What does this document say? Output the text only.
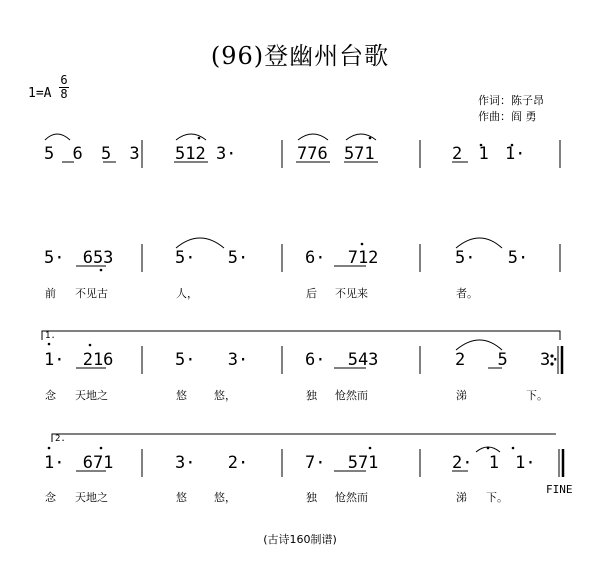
(96)登幽州台歌
1=A
6
8	作词：陈子昂
作曲：阎 勇
1.
2.
5 6 5 3 512 3·	776 571	2 1 1·
5· 653	5· 5·	6· 712	5· 5·
1· 216	5· 3·	6· 543	2 5 3·
1· 671	3· 2·	7· 571	2· 1 1·
前 不见古	人，	后 不见来	者。
念 天地之	悠 悠，	独 怆然而	涕	下。
念 天地之	悠 悠，	独 怆然而	涕 下。
FINE
(古诗160制谱)
